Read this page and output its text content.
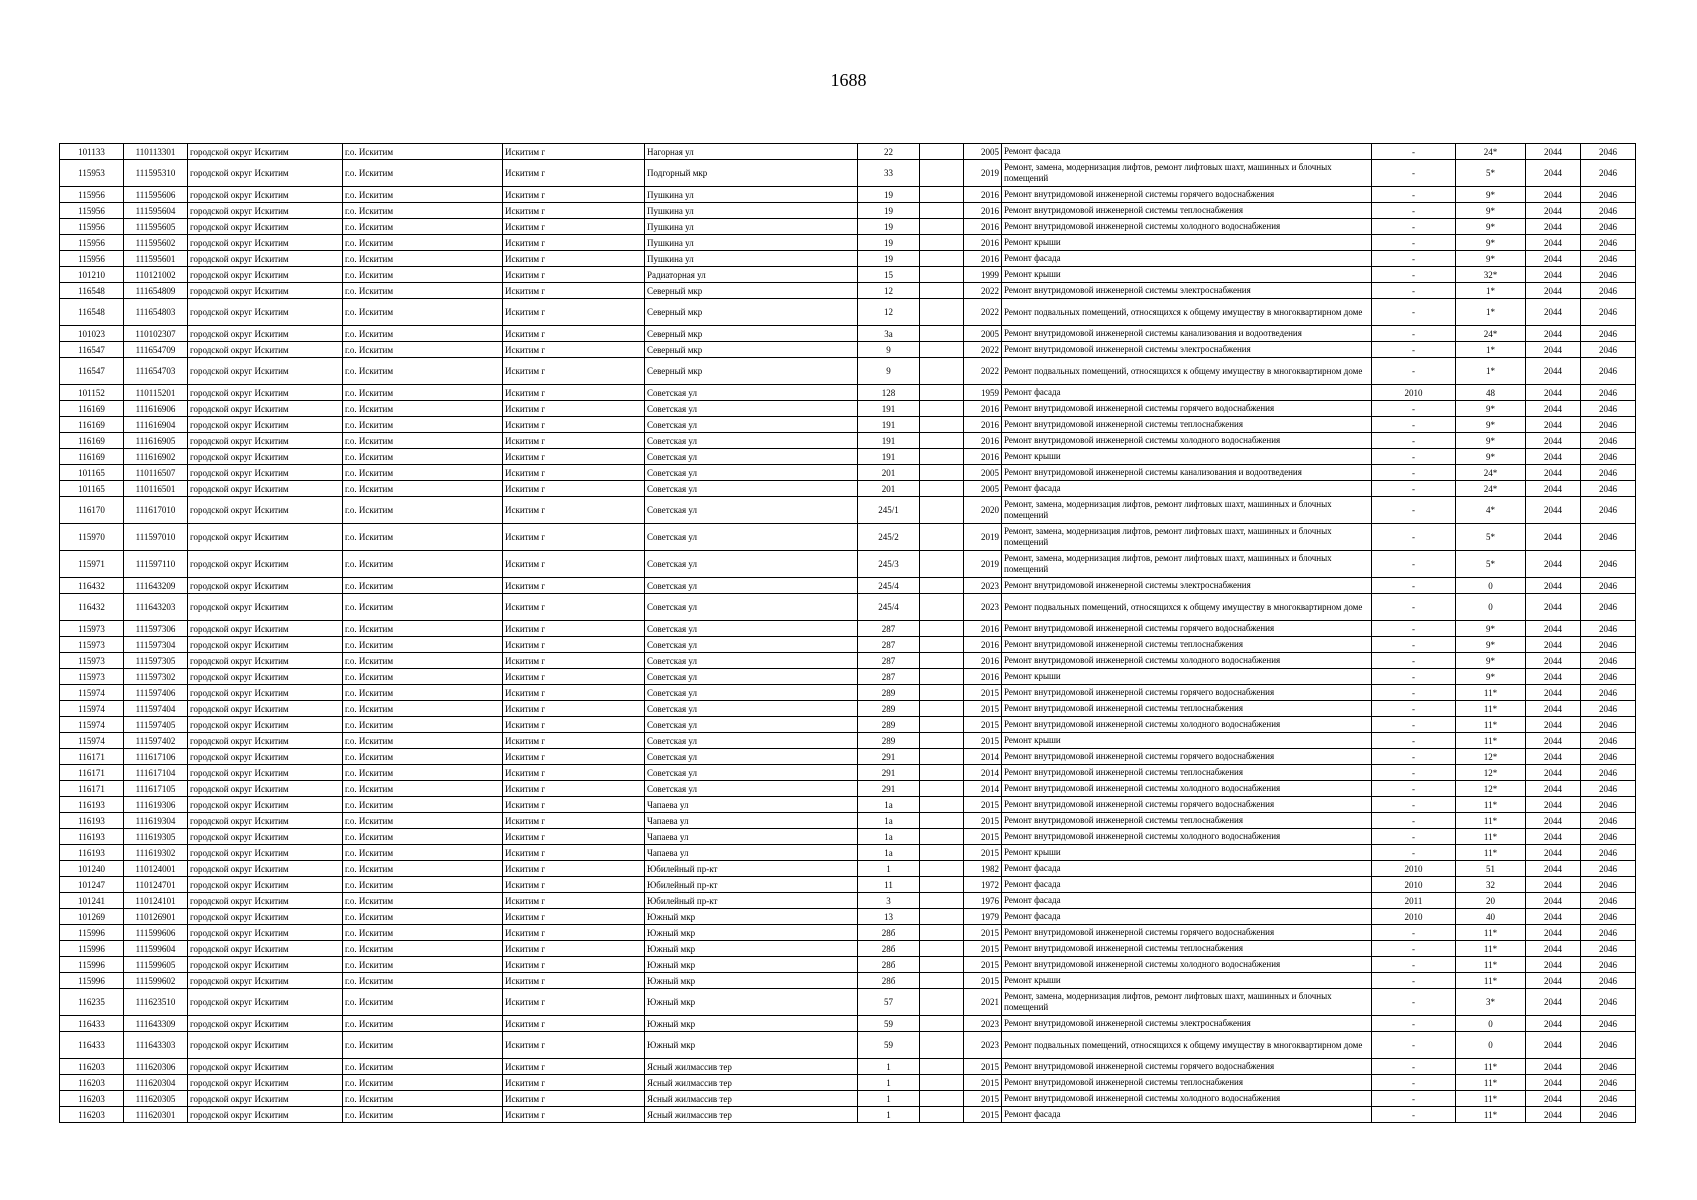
1688
101133	110113301	городской округ Искитим	г.о. Искитим	Искитим г	Нагорная ул	22		2005	Ремонт фасада	-	24*	2044	2046
115953	111595310	городской округ Искитим	г.о. Искитим	Искитим г	Подгорный мкр	33		2019	Ремонт, замена, модернизация лифтов, ремонт лифтовых шахт, машинных и блочных помещений	-	5*	2044	2046
115956	111595606	городской округ Искитим	г.о. Искитим	Искитим г	Пушкина ул	19		2016	Ремонт внутридомовой инженерной системы горячего водоснабжения	-	9*	2044	2046
115956	111595604	городской округ Искитим	г.о. Искитим	Искитим г	Пушкина ул	19		2016	Ремонт внутридомовой инженерной системы теплоснабжения	-	9*	2044	2046
115956	111595605	городской округ Искитим	г.о. Искитим	Искитим г	Пушкина ул	19		2016	Ремонт внутридомовой инженерной системы холодного водоснабжения	-	9*	2044	2046
115956	111595602	городской округ Искитим	г.о. Искитим	Искитим г	Пушкина ул	19		2016	Ремонт крыши	-	9*	2044	2046
115956	111595601	городской округ Искитим	г.о. Искитим	Искитим г	Пушкина ул	19		2016	Ремонт фасада	-	9*	2044	2046
101210	110121002	городской округ Искитим	г.о. Искитим	Искитим г	Радиаторная ул	15		1999	Ремонт крыши	-	32*	2044	2046
116548	111654809	городской округ Искитим	г.о. Искитим	Искитим г	Северный мкр	12		2022	Ремонт внутридомовой инженерной системы электроснабжения	-	1*	2044	2046
116548	111654803	городской округ Искитим	г.о. Искитим	Искитим г	Северный мкр	12		2022	Ремонт подвальных помещений, относящихся к общему имуществу в многоквартирном доме	-	1*	2044	2046
101023	110102307	городской округ Искитим	г.о. Искитим	Искитим г	Северный мкр	3а		2005	Ремонт внутридомовой инженерной системы канализования и водоотведения	-	24*	2044	2046
116547	111654709	городской округ Искитим	г.о. Искитим	Искитим г	Северный мкр	9		2022	Ремонт внутридомовой инженерной системы электроснабжения	-	1*	2044	2046
116547	111654703	городской округ Искитим	г.о. Искитим	Искитим г	Северный мкр	9		2022	Ремонт подвальных помещений, относящихся к общему имуществу в многоквартирном доме	-	1*	2044	2046
101152	110115201	городской округ Искитим	г.о. Искитим	Искитим г	Советская ул	128		1959	Ремонт фасада	2010	48	2044	2046
116169	111616906	городской округ Искитим	г.о. Искитим	Искитим г	Советская ул	191		2016	Ремонт внутридомовой инженерной системы горячего водоснабжения	-	9*	2044	2046
116169	111616904	городской округ Искитим	г.о. Искитим	Искитим г	Советская ул	191		2016	Ремонт внутридомовой инженерной системы теплоснабжения	-	9*	2044	2046
116169	111616905	городской округ Искитим	г.о. Искитим	Искитим г	Советская ул	191		2016	Ремонт внутридомовой инженерной системы холодного водоснабжения	-	9*	2044	2046
116169	111616902	городской округ Искитим	г.о. Искитим	Искитим г	Советская ул	191		2016	Ремонт крыши	-	9*	2044	2046
101165	110116507	городской округ Искитим	г.о. Искитим	Искитим г	Советская ул	201		2005	Ремонт внутридомовой инженерной системы канализования и водоотведения	-	24*	2044	2046
101165	110116501	городской округ Искитим	г.о. Искитим	Искитим г	Советская ул	201		2005	Ремонт фасада	-	24*	2044	2046
116170	111617010	городской округ Искитим	г.о. Искитим	Искитим г	Советская ул	245/1		2020	Ремонт, замена, модернизация лифтов, ремонт лифтовых шахт, машинных и блочных помещений	-	4*	2044	2046
115970	111597010	городской округ Искитим	г.о. Искитим	Искитим г	Советская ул	245/2		2019	Ремонт, замена, модернизация лифтов, ремонт лифтовых шахт, машинных и блочных помещений	-	5*	2044	2046
115971	111597110	городской округ Искитим	г.о. Искитим	Искитим г	Советская ул	245/3		2019	Ремонт, замена, модернизация лифтов, ремонт лифтовых шахт, машинных и блочных помещений	-	5*	2044	2046
116432	111643209	городской округ Искитим	г.о. Искитим	Искитим г	Советская ул	245/4		2023	Ремонт внутридомовой инженерной системы электроснабжения	-	0	2044	2046
116432	111643203	городской округ Искитим	г.о. Искитим	Искитим г	Советская ул	245/4		2023	Ремонт подвальных помещений, относящихся к общему имуществу в многоквартирном доме	-	0	2044	2046
115973	111597306	городской округ Искитим	г.о. Искитим	Искитим г	Советская ул	287		2016	Ремонт внутридомовой инженерной системы горячего водоснабжения	-	9*	2044	2046
115973	111597304	городской округ Искитим	г.о. Искитим	Искитим г	Советская ул	287		2016	Ремонт внутридомовой инженерной системы теплоснабжения	-	9*	2044	2046
115973	111597305	городской округ Искитим	г.о. Искитим	Искитим г	Советская ул	287		2016	Ремонт внутридомовой инженерной системы холодного водоснабжения	-	9*	2044	2046
115973	111597302	городской округ Искитим	г.о. Искитим	Искитим г	Советская ул	287		2016	Ремонт крыши	-	9*	2044	2046
115974	111597406	городской округ Искитим	г.о. Искитим	Искитим г	Советская ул	289		2015	Ремонт внутридомовой инженерной системы горячего водоснабжения	-	11*	2044	2046
115974	111597404	городской округ Искитим	г.о. Искитим	Искитим г	Советская ул	289		2015	Ремонт внутридомовой инженерной системы теплоснабжения	-	11*	2044	2046
115974	111597405	городской округ Искитим	г.о. Искитим	Искитим г	Советская ул	289		2015	Ремонт внутридомовой инженерной системы холодного водоснабжения	-	11*	2044	2046
115974	111597402	городской округ Искитим	г.о. Искитим	Искитим г	Советская ул	289		2015	Ремонт крыши	-	11*	2044	2046
116171	111617106	городской округ Искитим	г.о. Искитим	Искитим г	Советская ул	291		2014	Ремонт внутридомовой инженерной системы горячего водоснабжения	-	12*	2044	2046
116171	111617104	городской округ Искитим	г.о. Искитим	Искитим г	Советская ул	291		2014	Ремонт внутридомовой инженерной системы теплоснабжения	-	12*	2044	2046
116171	111617105	городской округ Искитим	г.о. Искитим	Искитим г	Советская ул	291		2014	Ремонт внутридомовой инженерной системы холодного водоснабжения	-	12*	2044	2046
116193	111619306	городской округ Искитим	г.о. Искитим	Искитим г	Чапаева ул	1а		2015	Ремонт внутридомовой инженерной системы горячего водоснабжения	-	11*	2044	2046
116193	111619304	городской округ Искитим	г.о. Искитим	Искитим г	Чапаева ул	1а		2015	Ремонт внутридомовой инженерной системы теплоснабжения	-	11*	2044	2046
116193	111619305	городской округ Искитим	г.о. Искитим	Искитим г	Чапаева ул	1а		2015	Ремонт внутридомовой инженерной системы холодного водоснабжения	-	11*	2044	2046
116193	111619302	городской округ Искитим	г.о. Искитим	Искитим г	Чапаева ул	1а		2015	Ремонт крыши	-	11*	2044	2046
101240	110124001	городской округ Искитим	г.о. Искитим	Искитим г	Юбилейный пр-кт	1		1982	Ремонт фасада	2010	51	2044	2046
101247	110124701	городской округ Искитим	г.о. Искитим	Искитим г	Юбилейный пр-кт	11		1972	Ремонт фасада	2010	32	2044	2046
101241	110124101	городской округ Искитим	г.о. Искитим	Искитим г	Юбилейный пр-кт	3		1976	Ремонт фасада	2011	20	2044	2046
101269	110126901	городской округ Искитим	г.о. Искитим	Искитим г	Южный мкр	13		1979	Ремонт фасада	2010	40	2044	2046
115996	111599606	городской округ Искитим	г.о. Искитим	Искитим г	Южный мкр	28б		2015	Ремонт внутридомовой инженерной системы горячего водоснабжения	-	11*	2044	2046
115996	111599604	городской округ Искитим	г.о. Искитим	Искитим г	Южный мкр	28б		2015	Ремонт внутридомовой инженерной системы теплоснабжения	-	11*	2044	2046
115996	111599605	городской округ Искитим	г.о. Искитим	Искитим г	Южный мкр	28б		2015	Ремонт внутридомовой инженерной системы холодного водоснабжения	-	11*	2044	2046
115996	111599602	городской округ Искитим	г.о. Искитим	Искитим г	Южный мкр	28б		2015	Ремонт крыши	-	11*	2044	2046
116235	111623510	городской округ Искитим	г.о. Искитим	Искитим г	Южный мкр	57		2021	Ремонт, замена, модернизация лифтов, ремонт лифтовых шахт, машинных и блочных помещений	-	3*	2044	2046
116433	111643309	городской округ Искитим	г.о. Искитим	Искитим г	Южный мкр	59		2023	Ремонт внутридомовой инженерной системы электроснабжения	-	0	2044	2046
116433	111643303	городской округ Искитим	г.о. Искитим	Искитим г	Южный мкр	59		2023	Ремонт подвальных помещений, относящихся к общему имуществу в многоквартирном доме	-	0	2044	2046
116203	111620306	городской округ Искитим	г.о. Искитим	Искитим г	Ясный жилмассив тер	1		2015	Ремонт внутридомовой инженерной системы горячего водоснабжения	-	11*	2044	2046
116203	111620304	городской округ Искитим	г.о. Искитим	Искитим г	Ясный жилмассив тер	1		2015	Ремонт внутридомовой инженерной системы теплоснабжения	-	11*	2044	2046
116203	111620305	городской округ Искитим	г.о. Искитим	Искитим г	Ясный жилмассив тер	1		2015	Ремонт внутридомовой инженерной системы холодного водоснабжения	-	11*	2044	2046
116203	111620301	городской округ Искитим	г.о. Искитим	Искитим г	Ясный жилмассив тер	1		2015	Ремонт фасада	-	11*	2044	2046
